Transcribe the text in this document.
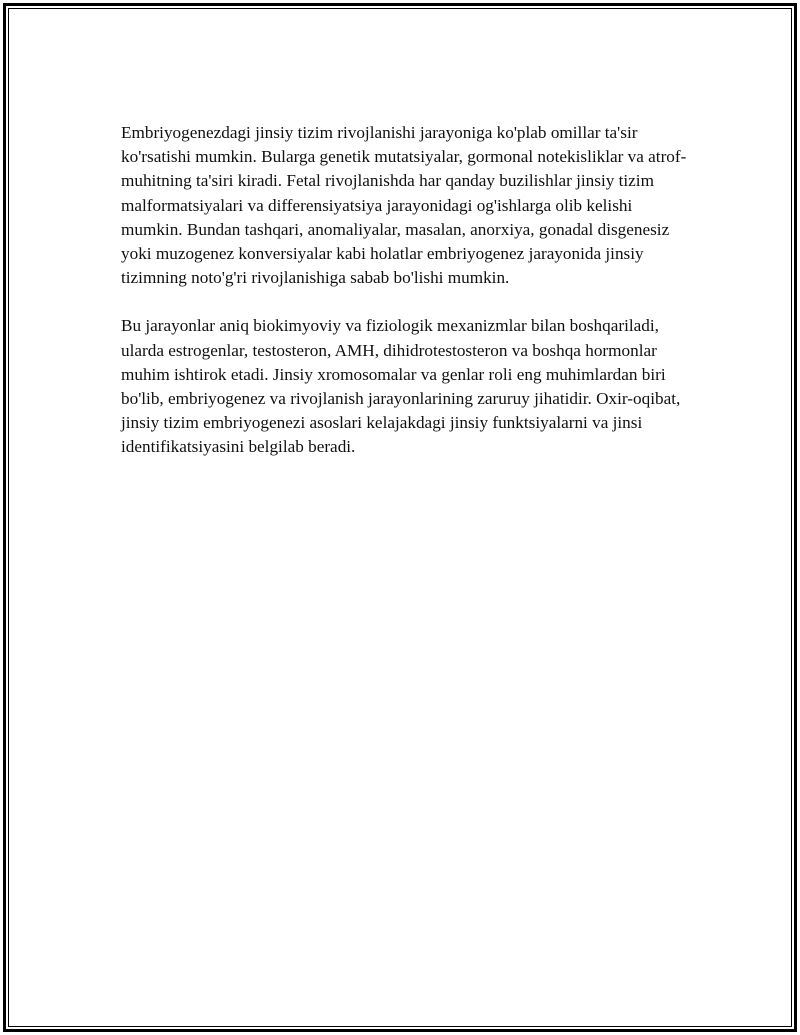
Embriyogenezdagi jinsiy tizim rivojlanishi jarayoniga ko'plab omillar ta'sir ko'rsatishi mumkin. Bularga genetik mutatsiyalar, gormonal notekisliklar va atrof-muhitning ta'siri kiradi. Fetal rivojlanishda har qanday buzilishlar jinsiy tizim malformatsiyalari va differensiyatsiya jarayonidagi og'ishlarga olib kelishi mumkin. Bundan tashqari, anomaliyalar, masalan, anorxiya, gonadal disgenesiz yoki muzogenez konversiyalar kabi holatlar embriyogenez jarayonida jinsiy tizimning noto'g'ri rivojlanishiga sabab bo'lishi mumkin.

Bu jarayonlar aniq biokimyoviy va fiziologik mexanizmlar bilan boshqariladi, ularda estrogenlar, testosteron, AMH, dihidrotestosteron va boshqa hormonlar muhim ishtirok etadi. Jinsiy xromosomalar va genlar roli eng muhimlardan biri bo'lib, embriyogenez va rivojlanish jarayonlarining zaruruy jihatidir. Oxir-oqibat, jinsiy tizim embriyogenezi asoslari kelajakdagi jinsiy funktsiyalarni va jinsi identifikatsiyasini belgilab beradi.
